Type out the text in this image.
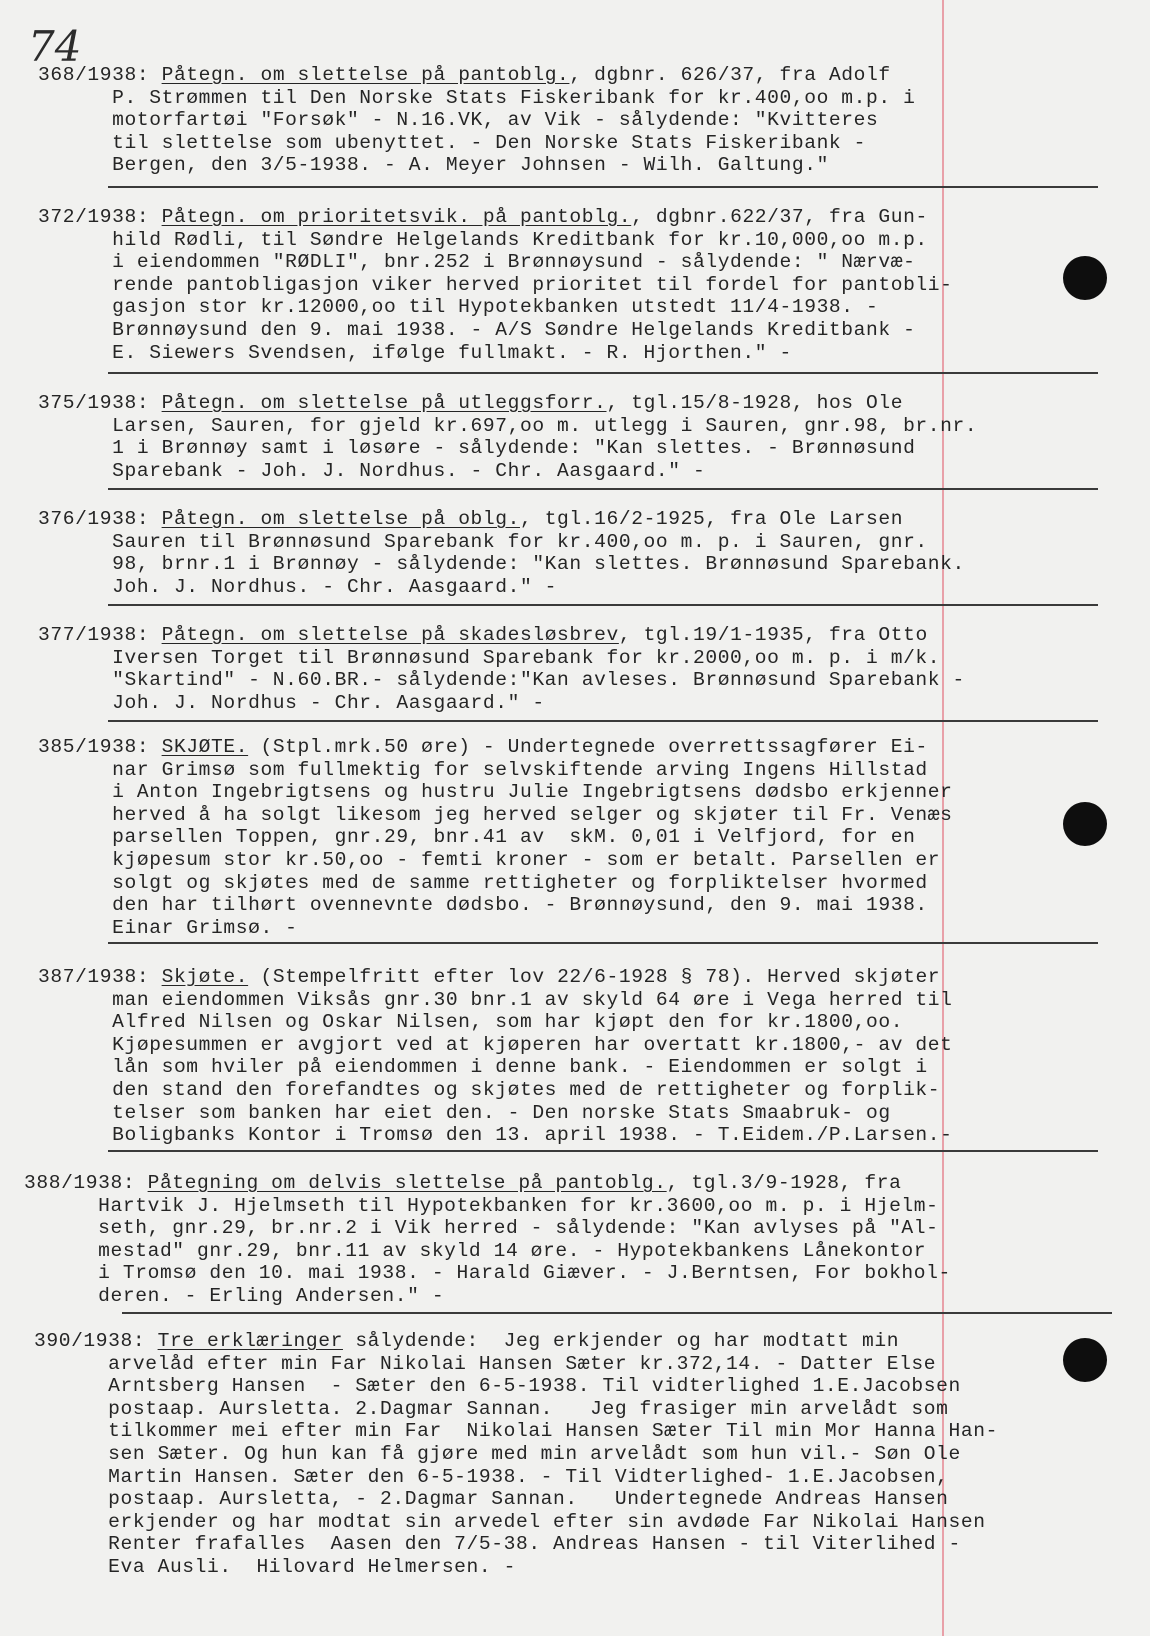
74
368/1938: Påtegn. om slettelse på pantoblg., dgbnr. 626/37, fra Adolf
P. Strømmen til Den Norske Stats Fiskeribank for kr.400,oo m.p. i
motorfartøi "Forsøk" - N.16.VK, av Vik - sålydende: "Kvitteres
til slettelse som ubenyttet. - Den Norske Stats Fiskeribank -
Bergen, den 3/5-1938. - A. Meyer Johnsen - Wilh. Galtung."
372/1938: Påtegn. om prioritetsvik. på pantoblg., dgbnr.622/37, fra Gun-
hild Rødli, til Søndre Helgelands Kreditbank for kr.10,000,oo m.p.
i eiendommen "RØDLI", bnr.252 i Brønnøysund - sålydende: " Nærvæ-
rende pantobligasjon viker herved prioritet til fordel for pantobli-
gasjon stor kr.12000,oo til Hypotekbanken utstedt 11/4-1938. -
Brønnøysund den 9. mai 1938. - A/S Søndre Helgelands Kreditbank -
E. Siewers Svendsen, ifølge fullmakt. - R. Hjorthen." -
375/1938: Påtegn. om slettelse på utleggsforr., tgl.15/8-1928, hos Ole
Larsen, Sauren, for gjeld kr.697,oo m. utlegg i Sauren, gnr.98, br.nr.
1 i Brønnøy samt i løsøre - sålydende: "Kan slettes. - Brønnøsund
Sparebank - Joh. J. Nordhus. - Chr. Aasgaard." -
376/1938: Påtegn. om slettelse på oblg., tgl.16/2-1925, fra Ole Larsen
Sauren til Brønnøsund Sparebank for kr.400,oo m. p. i Sauren, gnr.
98, brnr.1 i Brønnøy - sålydende: "Kan slettes. Brønnøsund Sparebank.
Joh. J. Nordhus. - Chr. Aasgaard." -
377/1938: Påtegn. om slettelse på skadesløsbrev, tgl.19/1-1935, fra Otto
Iversen Torget til Brønnøsund Sparebank for kr.2000,oo m. p. i m/k.
"Skartind" - N.60.BR.- sålydende:"Kan avleses. Brønnøsund Sparebank -
Joh. J. Nordhus - Chr. Aasgaard." -
385/1938: SKJØTE. (Stpl.mrk.50 øre) - Undertegnede overrettssagfører Ei-
nar Grimsø som fullmektig for selvskiftende arving Ingens Hillstad
i Anton Ingebrigtsens og hustru Julie Ingebrigtsens dødsbo erkjenner
herved å ha solgt likesom jeg herved selger og skjøter til Fr. Venæs
parsellen Toppen, gnr.29, bnr.41 av  skM. 0,01 i Velfjord, for en
kjøpesum stor kr.50,oo - femti kroner - som er betalt. Parsellen er
solgt og skjøtes med de samme rettigheter og forpliktelser hvormed
den har tilhørt ovennevnte dødsbo. - Brønnøysund, den 9. mai 1938.
Einar Grimsø. -
387/1938: Skjøte. (Stempelfritt efter lov 22/6-1928 § 78). Herved skjøter
man eiendommen Viksås gnr.30 bnr.1 av skyld 64 øre i Vega herred til
Alfred Nilsen og Oskar Nilsen, som har kjøpt den for kr.1800,oo.
Kjøpesummen er avgjort ved at kjøperen har overtatt kr.1800,- av det
lån som hviler på eiendommen i denne bank. - Eiendommen er solgt i
den stand den forefandtes og skjøtes med de rettigheter og forplik-
telser som banken har eiet den. - Den norske Stats Smaabruk- og
Boligbanks Kontor i Tromsø den 13. april 1938. - T.Eidem./P.Larsen.-
388/1938: Påtegning om delvis slettelse på pantoblg., tgl.3/9-1928, fra
Hartvik J. Hjelmseth til Hypotekbanken for kr.3600,oo m. p. i Hjelm-
seth, gnr.29, br.nr.2 i Vik herred - sålydende: "Kan avlyses på "Al-
mestad" gnr.29, bnr.11 av skyld 14 øre. - Hypotekbankens Lånekontor
i Tromsø den 10. mai 1938. - Harald Giæver. - J.Berntsen, For bokhol-
deren. - Erling Andersen." -
390/1938: Tre erklæringer sålydende:  Jeg erkjender og har modtatt min
arvelåd efter min Far Nikolai Hansen Sæter kr.372,14. - Datter Else
Arntsberg Hansen  - Sæter den 6-5-1938. Til vidterlighed 1.E.Jacobsen
postaap. Aursletta. 2.Dagmar Sannan.   Jeg frasiger min arvelådt som
tilkommer mei efter min Far  Nikolai Hansen Sæter Til min Mor Hanna Han-
sen Sæter. Og hun kan få gjøre med min arvelådt som hun vil.- Søn Ole
Martin Hansen. Sæter den 6-5-1938. - Til Vidterlighed- 1.E.Jacobsen,
postaap. Aursletta, - 2.Dagmar Sannan.   Undertegnede Andreas Hansen
erkjender og har modtat sin arvedel efter sin avdøde Far Nikolai Hansen
Renter frafalles  Aasen den 7/5-38. Andreas Hansen - til Viterlihed -
Eva Ausli.  Hilovard Helmersen. -
